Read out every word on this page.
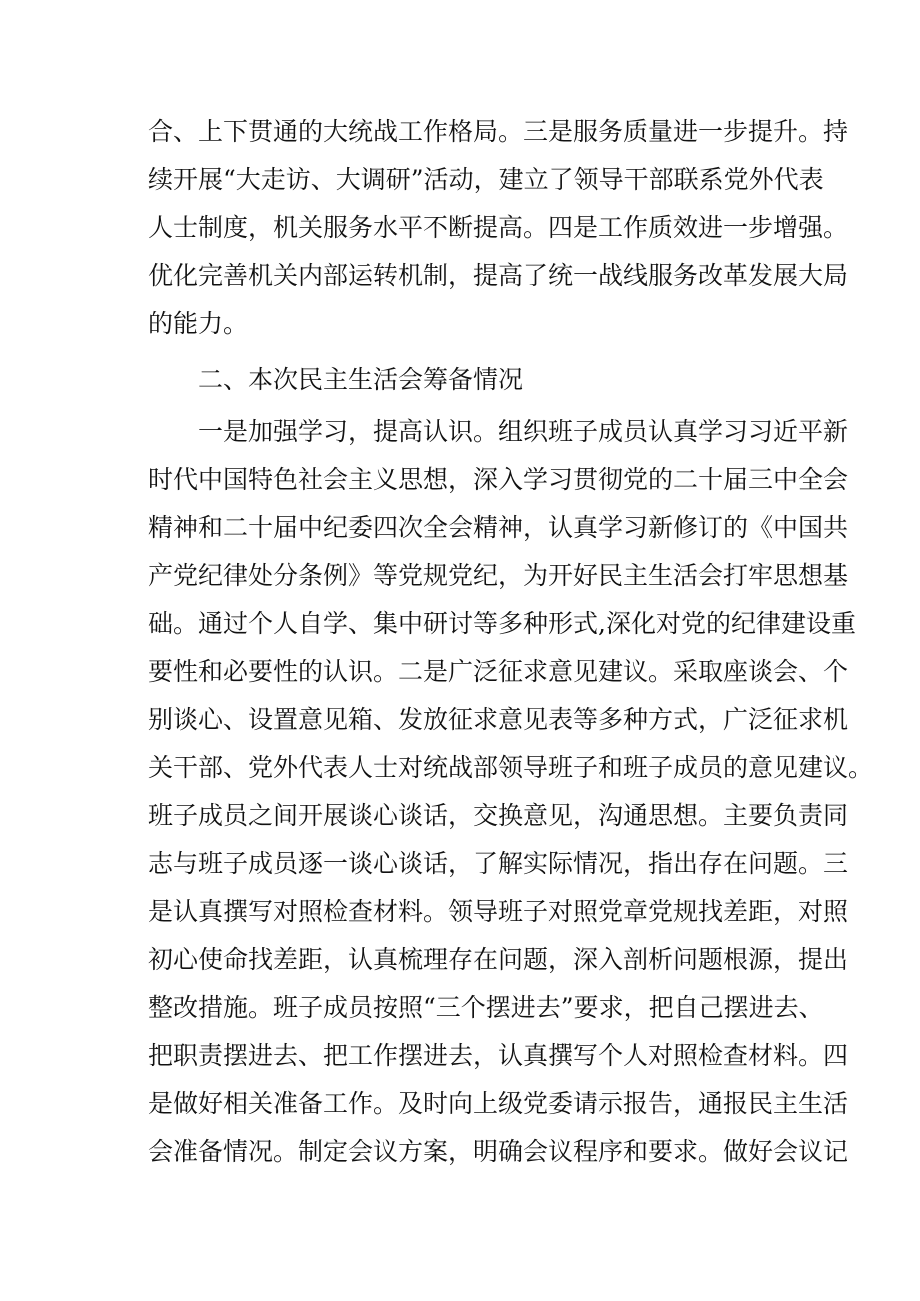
合、上下贯通的大统战工作格局。三是服务质量进一步提升。持
续开展“大走访、大调研”活动，建立了领导干部联系党外代表
人士制度，机关服务水平不断提高。四是工作质效进一步增强。
优化完善机关内部运转机制，提高了统一战线服务改革发展大局
的能力。
二、本次民主生活会筹备情况
一是加强学习，提高认识。组织班子成员认真学习习近平新
时代中国特色社会主义思想，深入学习贯彻党的二十届三中全会
精神和二十届中纪委四次全会精神，认真学习新修订的《中国共
产党纪律处分条例》等党规党纪，为开好民主生活会打牢思想基
础。通过个人自学、集中研讨等多种形式,深化对党的纪律建设重
要性和必要性的认识。二是广泛征求意见建议。采取座谈会、个
别谈心、设置意见箱、发放征求意见表等多种方式，广泛征求机
关干部、党外代表人士对统战部领导班子和班子成员的意见建议。
班子成员之间开展谈心谈话，交换意见，沟通思想。主要负责同
志与班子成员逐一谈心谈话，了解实际情况，指出存在问题。三
是认真撰写对照检查材料。领导班子对照党章党规找差距，对照
初心使命找差距，认真梳理存在问题，深入剖析问题根源，提出
整改措施。班子成员按照“三个摆进去”要求，把自己摆进去、
把职责摆进去、把工作摆进去，认真撰写个人对照检查材料。四
是做好相关准备工作。及时向上级党委请示报告，通报民主生活
会准备情况。制定会议方案，明确会议程序和要求。做好会议记
